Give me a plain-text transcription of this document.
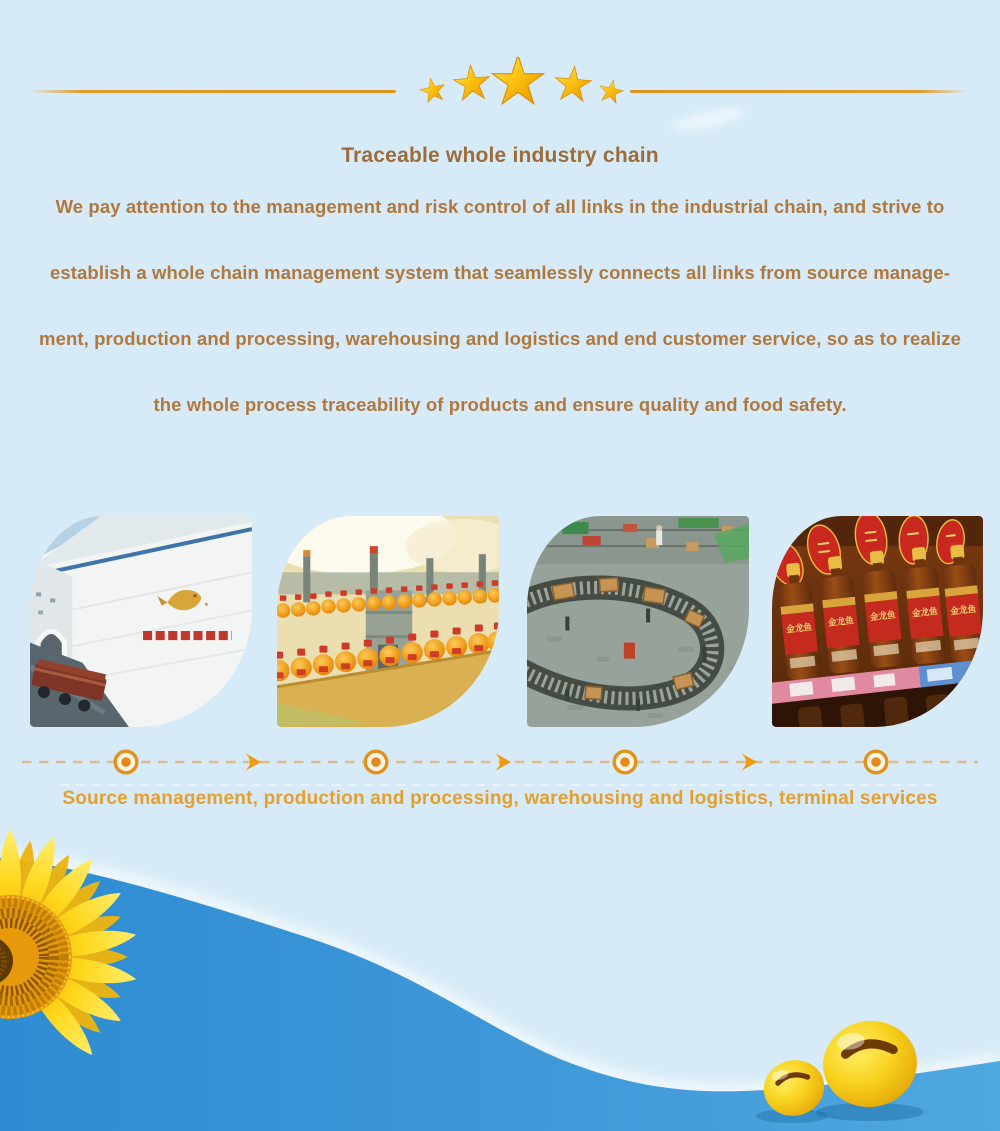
Traceable whole industry chain

We pay attention to the management and risk control of all links in the industrial chain, and strive to

establish a whole chain management system that seamlessly connects all links from source manage-

ment, production and processing, warehousing and logistics and end customer service, so as to realize

the whole process traceability of products and ensure quality and food safety.

金龙鱼
金龙鱼 金龙鱼 金龙鱼 金龙鱼
Source management, production and processing, warehousing and logistics, terminal services
